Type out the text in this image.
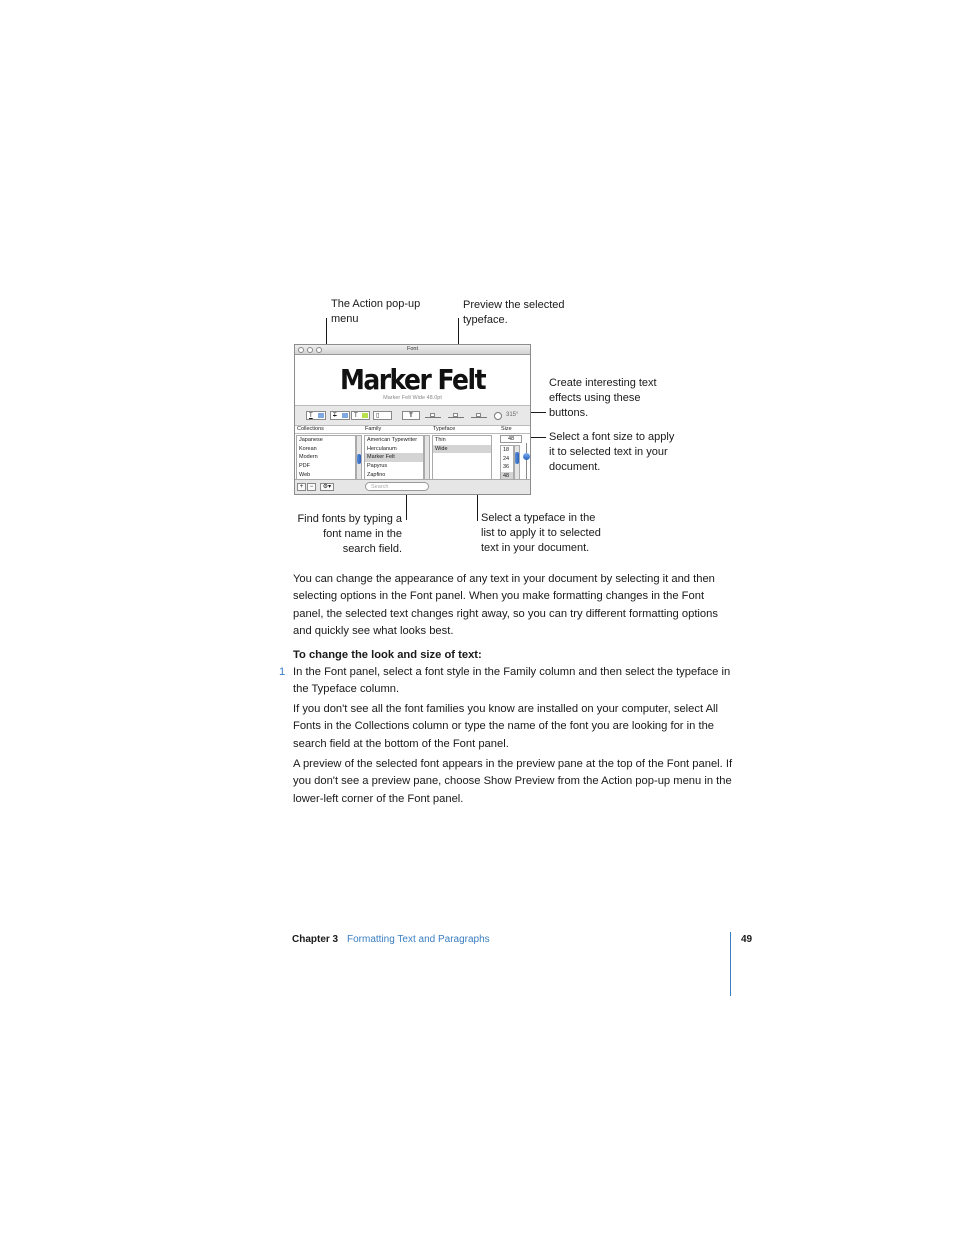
The Action pop-up
menu
Preview the selected
typeface.
Create interesting text
effects using these
buttons.
Select a font size to apply
it to selected text in your
document.
Find fonts by typing a
font name in the
search field.
Select a typeface in the
list to apply it to selected
text in your document.
Font
Marker Felt
Marker Felt Wide 48.0pt
T	T	T	▯	T	315°
Collections	Family	Typeface	Size
Japanese
Korean
Modern
PDF
Web
American Typewriter
Herculanum
Marker Felt
Papyrus
Zapfino
Thin
Wide
48
18
24
36
48
+	−	⚙▾	Search
You can change the appearance of any text in your document by selecting it and then selecting options in the Font panel. When you make formatting changes in the Font panel, the selected text changes right away, so you can try different formatting options and quickly see what looks best.
To change the look and size of text:
1 In the Font panel, select a font style in the Family column and then select the typeface in the Typeface column.
If you don't see all the font families you know are installed on your computer, select All Fonts in the Collections column or type the name of the font you are looking for in the search field at the bottom of the Font panel.
A preview of the selected font appears in the preview pane at the top of the Font panel. If you don't see a preview pane, choose Show Preview from the Action pop-up menu in the lower-left corner of the Font panel.
Chapter 3 Formatting Text and Paragraphs	49
